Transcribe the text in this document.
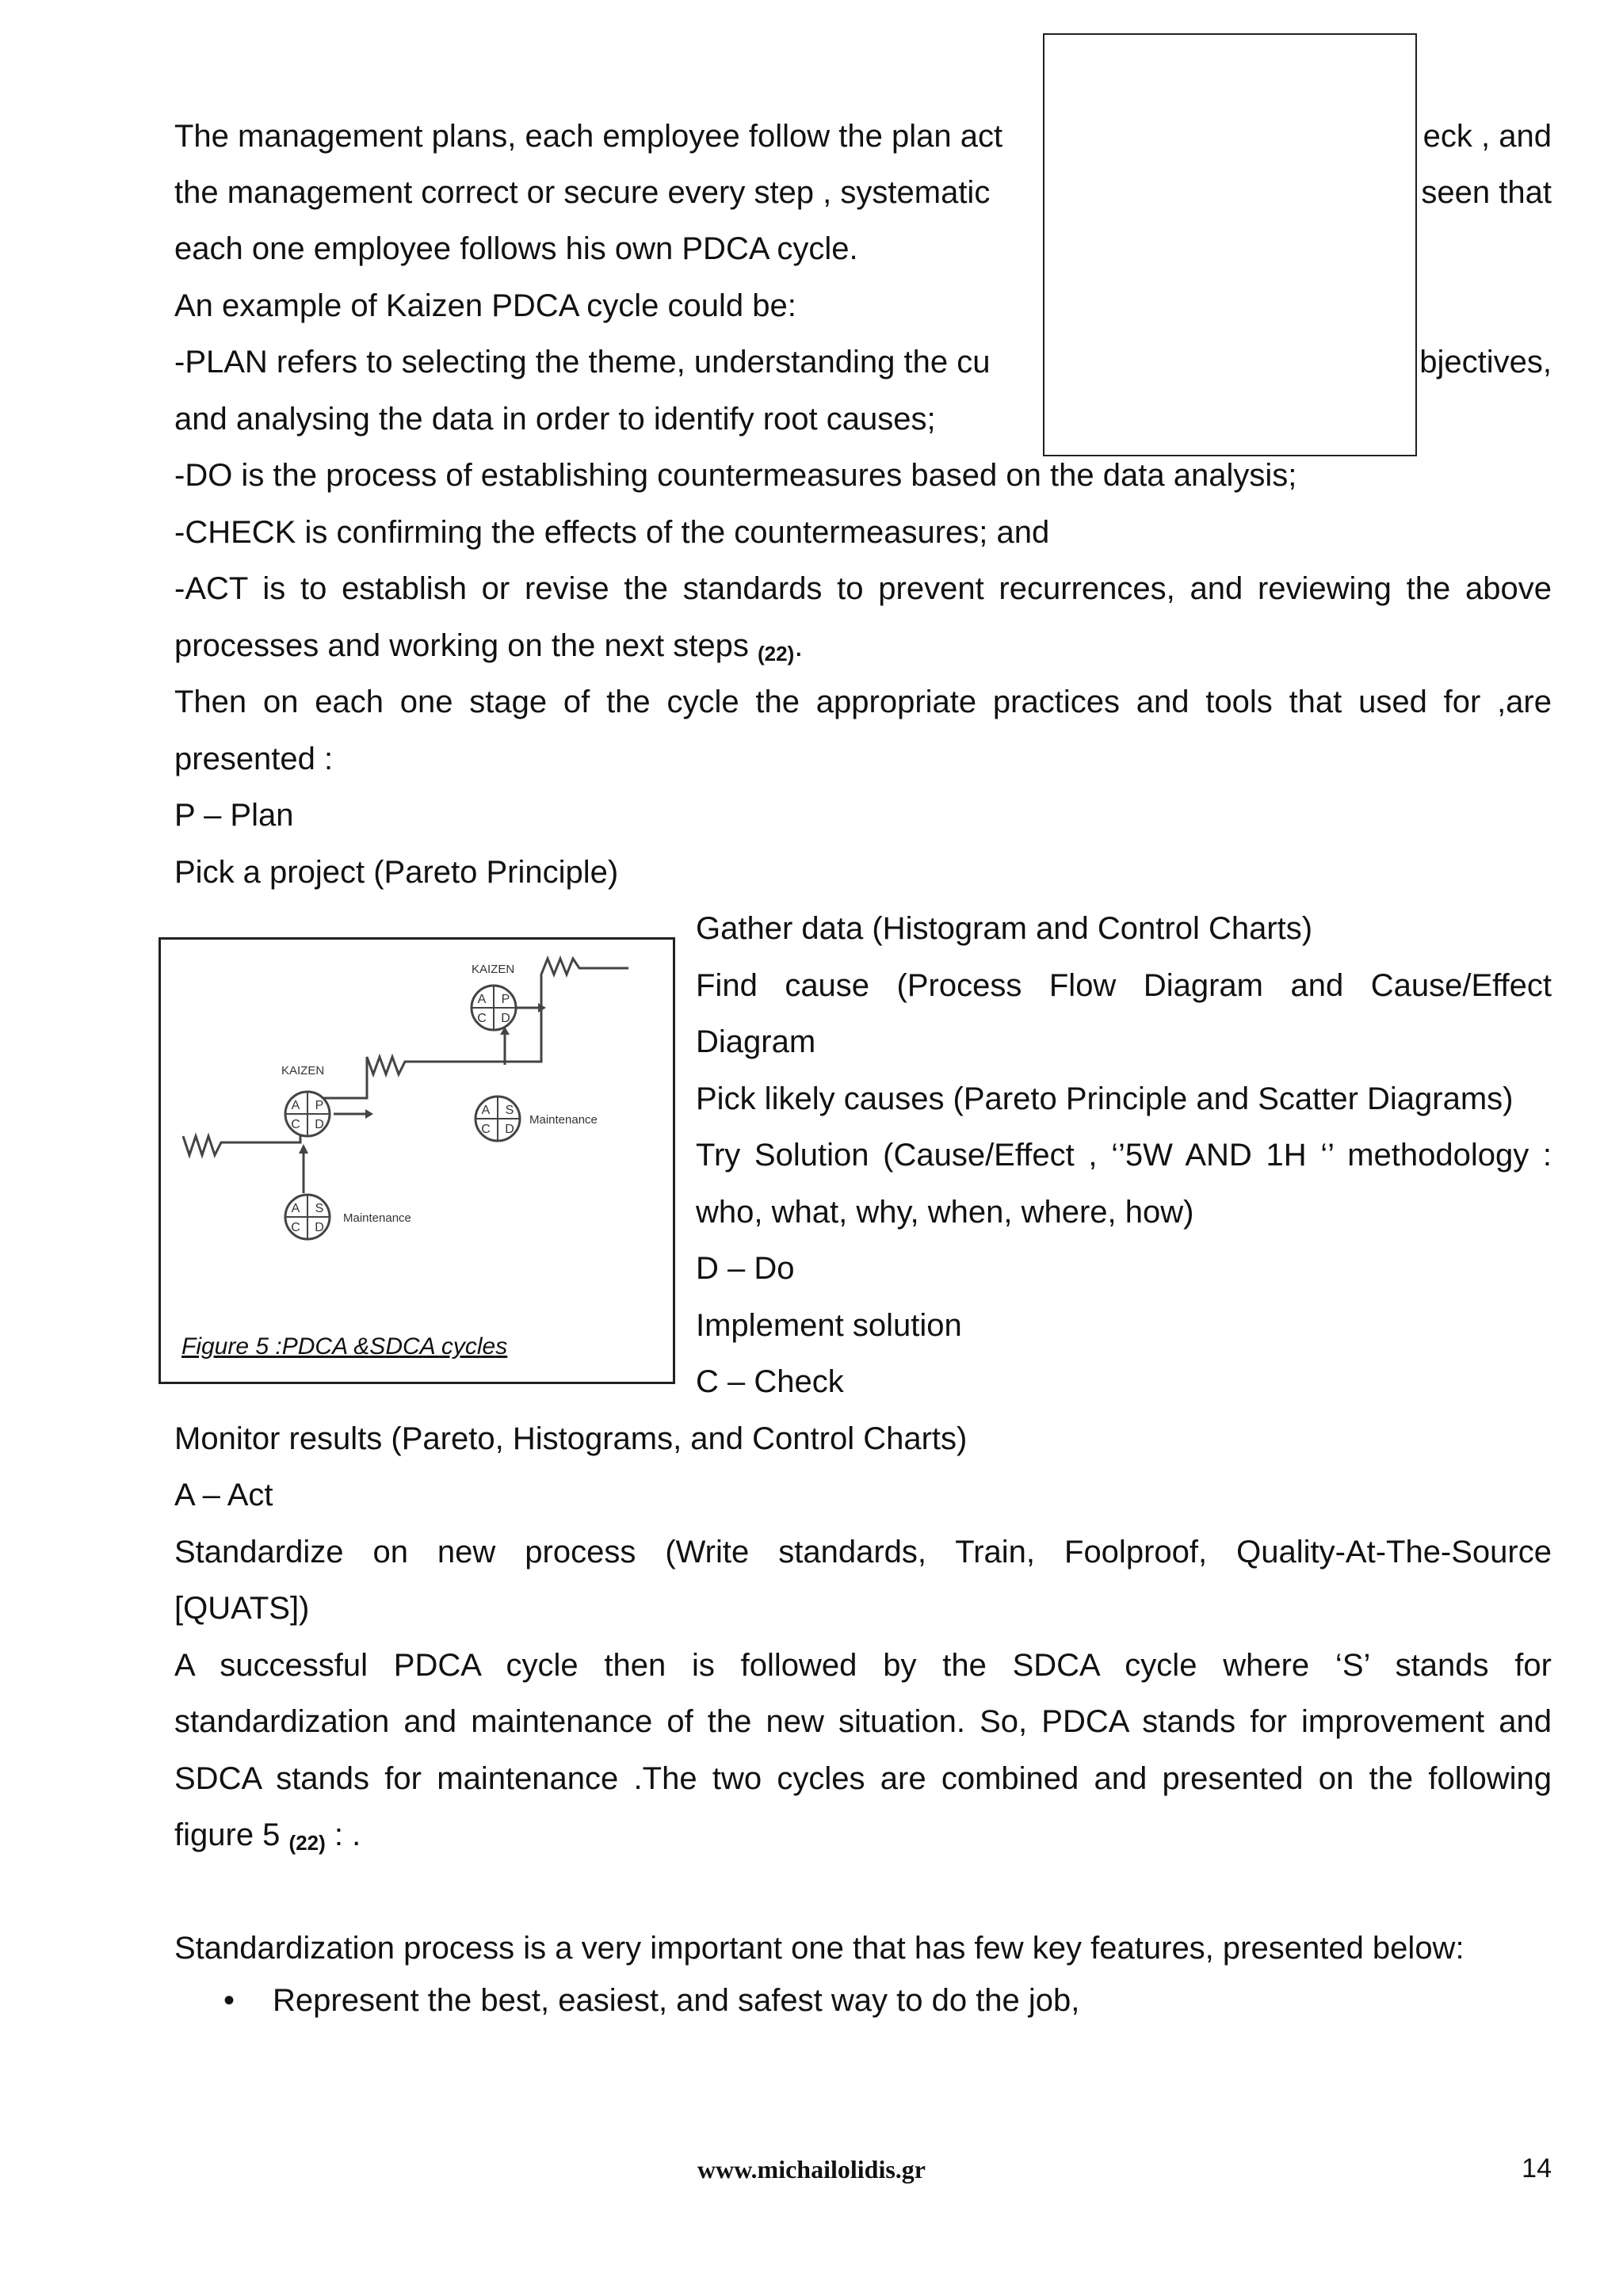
The management plans, each employee follow the plan act	eck , and
the management correct or secure every step , systematic	seen that
each one employee follows his own PDCA cycle.
An example of Kaizen PDCA cycle could be:
-PLAN refers to selecting the theme, understanding the cu	bjectives,
and analysing the data in order to identify root causes;
-DO is the process of establishing countermeasures based on the data analysis;
-CHECK is confirming the effects of the countermeasures; and
-ACT is to establish or revise the standards to prevent recurrences, and reviewing the above
processes and working on the next steps $_{(22)}$.
Then on each one stage of the cycle the appropriate practices and tools that used for ,are
presented :
P – Plan
Pick a project (Pareto Principle)
Gather data (Histogram and Control Charts)
Find cause (Process Flow Diagram and Cause/Effect
Diagram
Pick likely causes (Pareto Principle and Scatter Diagrams)
Try Solution (Cause/Effect , ‘’5W AND 1H ‘’ methodology :
who, what, why, when, where, how)
D – Do
Implement solution
C – Check
A P
C D
A P
C D
A S
C D
A S
C D
KAIZEN
KAIZEN
Maintenance
Maintenance
Figure 5 :PDCA &SDCA cycles
Monitor results (Pareto, Histograms, and Control Charts)
A – Act
Standardize on new process (Write standards, Train, Foolproof, Quality-At-The-Source
[QUATS])
A successful PDCA cycle then is followed by the SDCA cycle where ‘S’ stands for
standardization and maintenance of the new situation. So, PDCA stands for improvement and
SDCA stands for maintenance .The two cycles are combined and presented on the following
figure 5 $_{(22)}$ : .
Standardization process is a very important one that has few key features, presented below:
• Represent the best, easiest, and safest way to do the job,
www.michailolidis.gr	14
